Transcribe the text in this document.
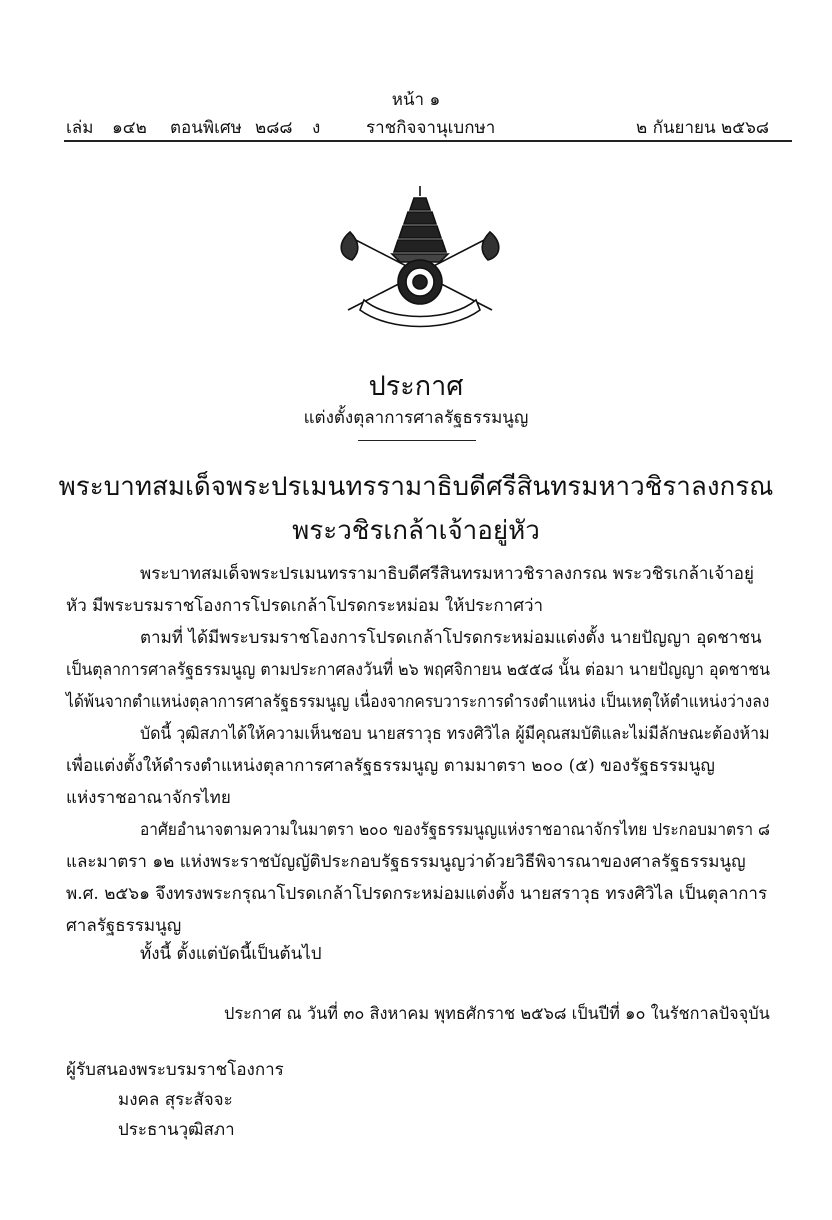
หน้า ๑
เล่ม ๑๔๒ ตอนพิเศษ ๒๘๘ ง	ราชกิจจานุเบกษา	๒ กันยายน ๒๕๖๘
ประกาศ
แต่งตั้งตุลาการศาลรัฐธรรมนูญ
พระบาทสมเด็จพระปรเมนทรรามาธิบดีศรีสินทรมหาวชิราลงกรณ
พระวชิรเกล้าเจ้าอยู่หัว
พระบาทสมเด็จพระปรเมนทรรามาธิบดีศรีสินทรมหาวชิราลงกรณ พระวชิรเกล้าเจ้าอยู่
หัว มีพระบรมราชโองการโปรดเกล้าโปรดกระหม่อม ให้ประกาศว่า
ตามที่ ได้มีพระบรมราชโองการโปรดเกล้าโปรดกระหม่อมแต่งตั้ง นายปัญญา อุดชาชน
เป็นตุลาการศาลรัฐธรรมนูญ ตามประกาศลงวันที่ ๒๖ พฤศจิกายน ๒๕๕๘ นั้น ต่อมา นายปัญญา อุดชาชน
ได้พ้นจากตำแหน่งตุลาการศาลรัฐธรรมนูญ เนื่องจากครบวาระการดำรงตำแหน่ง เป็นเหตุให้ตำแหน่งว่างลง
บัดนี้ วุฒิสภาได้ให้ความเห็นชอบ นายสราวุธ ทรงศิวิไล ผู้มีคุณสมบัติและไม่มีลักษณะต้องห้าม
เพื่อแต่งตั้งให้ดำรงตำแหน่งตุลาการศาลรัฐธรรมนูญ ตามมาตรา ๒๐๐ (๕) ของรัฐธรรมนูญ
แห่งราชอาณาจักรไทย
อาศัยอำนาจตามความในมาตรา ๒๐๐ ของรัฐธรรมนูญแห่งราชอาณาจักรไทย ประกอบมาตรา ๘
และมาตรา ๑๒ แห่งพระราชบัญญัติประกอบรัฐธรรมนูญว่าด้วยวิธีพิจารณาของศาลรัฐธรรมนูญ
พ.ศ. ๒๕๖๑ จึงทรงพระกรุณาโปรดเกล้าโปรดกระหม่อมแต่งตั้ง นายสราวุธ ทรงศิวิไล เป็นตุลาการ
ศาลรัฐธรรมนูญ
ทั้งนี้ ตั้งแต่บัดนี้เป็นต้นไป
ประกาศ ณ วันที่ ๓๐ สิงหาคม พุทธศักราช ๒๕๖๘ เป็นปีที่ ๑๐ ในรัชกาลปัจจุบัน
ผู้รับสนองพระบรมราชโองการ
มงคล สุระสัจจะ
ประธานวุฒิสภา
